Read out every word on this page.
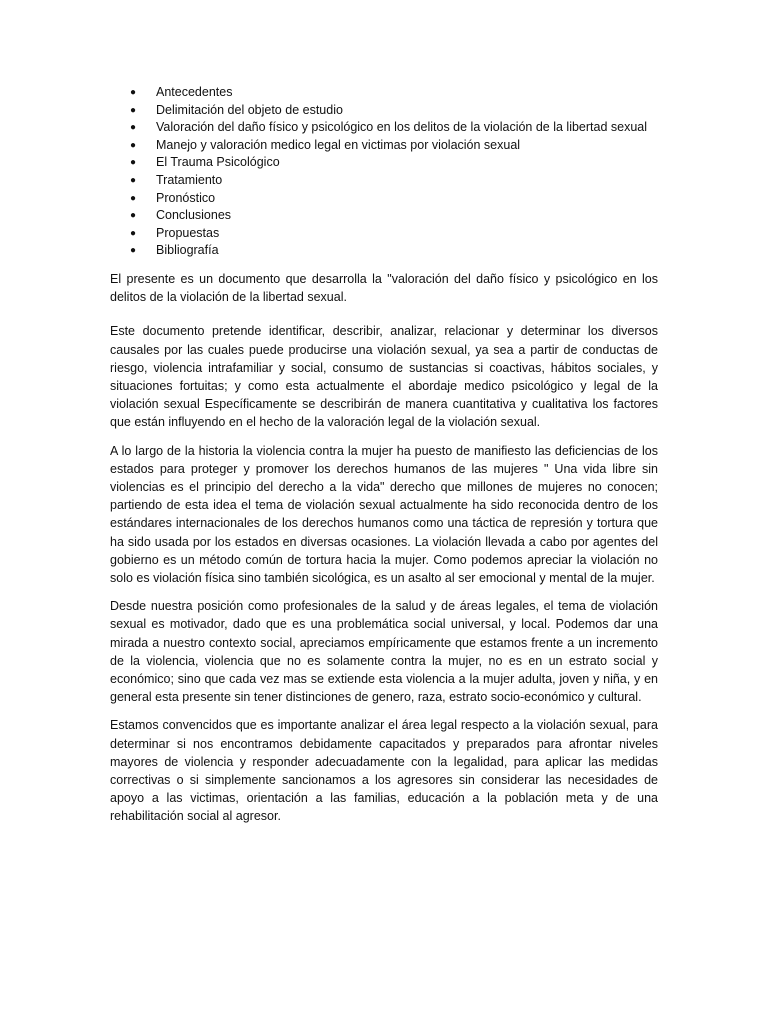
● Antecedentes
● Delimitación del objeto de estudio
● Valoración del daño físico y psicológico en los delitos de la violación de la libertad sexual
● Manejo y valoración medico legal en victimas por violación sexual
● El Trauma Psicológico
● Tratamiento
● Pronóstico
● Conclusiones
● Propuestas
● Bibliografía

El presente es un documento que desarrolla la "valoración del daño físico y psicológico en los delitos de la violación de la libertad sexual.

Este documento pretende identificar, describir, analizar, relacionar y determinar los diversos causales por las cuales puede producirse una violación sexual, ya sea a partir de conductas de riesgo, violencia intrafamiliar y social, consumo de sustancias si coactivas, hábitos sociales, y situaciones fortuitas; y como esta actualmente el abordaje medico psicológico y legal de la violación sexual Específicamente se describirán de manera cuantitativa y cualitativa los factores que están influyendo en el hecho de la valoración legal de la violación sexual.

A lo largo de la historia la violencia contra la mujer ha puesto de manifiesto las deficiencias de los estados para proteger y promover los derechos humanos de las mujeres " Una vida libre sin violencias es el principio del derecho a la vida" derecho que millones de mujeres no conocen; partiendo de esta idea el tema de violación sexual actualmente ha sido reconocida dentro de los estándares internacionales de los derechos humanos como una táctica de represión y tortura que ha sido usada por los estados en diversas ocasiones. La violación llevada a cabo por agentes del gobierno es un método común de tortura hacia la mujer. Como podemos apreciar la violación no solo es violación física sino también sicológica, es un asalto al ser emocional y mental de la mujer.

Desde nuestra posición como profesionales de la salud y de áreas legales, el tema de violación sexual es motivador, dado que es una problemática social universal, y local. Podemos dar una mirada a nuestro contexto social, apreciamos empíricamente que estamos frente a un incremento de la violencia, violencia que no es solamente contra la mujer, no es en un estrato social y económico; sino que cada vez mas se extiende esta violencia a la mujer adulta, joven y niña, y en general esta presente sin tener distinciones de genero, raza, estrato socio-económico y cultural.

Estamos convencidos que es importante analizar el área legal respecto a la violación sexual, para determinar si nos encontramos debidamente capacitados y preparados para afrontar niveles mayores de violencia y responder adecuadamente con la legalidad, para aplicar las medidas correctivas o si simplemente sancionamos a los agresores sin considerar las necesidades de apoyo a las victimas, orientación a las familias, educación a la población meta y de una rehabilitación social al agresor.
